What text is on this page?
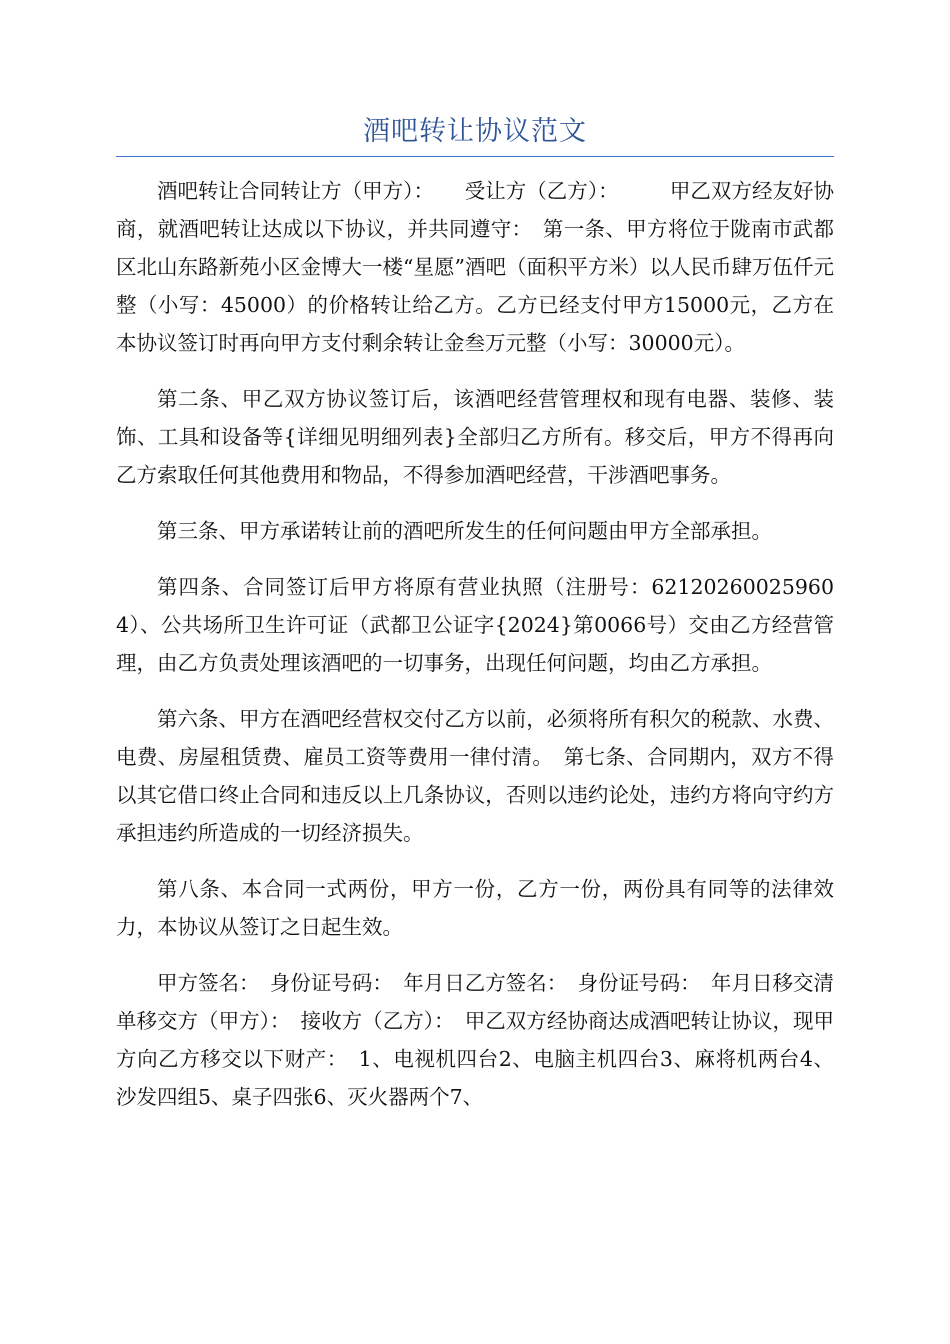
酒吧转让协议范文

酒吧转让合同转让方（甲方）：　　受让方（乙方）：　　　甲乙双方经友好协商，就酒吧转让达成以下协议，并共同遵守：　第一条、甲方将位于陇南市武都区北山东路新苑小区金博大一楼“星愿”酒吧（面积平方米）以人民币肆万伍仟元整（小写：45000）的价格转让给乙方。乙方已经支付甲方15000元，乙方在本协议签订时再向甲方支付剩余转让金叁万元整（小写：30000元）。

第二条、甲乙双方协议签订后，该酒吧经营管理权和现有电器、装修、装饰、工具和设备等{详细见明细列表}全部归乙方所有。移交后，甲方不得再向乙方索取任何其他费用和物品，不得参加酒吧经营，干涉酒吧事务。

第三条、甲方承诺转让前的酒吧所发生的任何问题由甲方全部承担。

第四条、合同签订后甲方将原有营业执照（注册号：621202600259604）、公共场所卫生许可证（武都卫公证字{2024}第0066号）交由乙方经营管理，由乙方负责处理该酒吧的一切事务，出现任何问题，均由乙方承担。

第六条、甲方在酒吧经营权交付乙方以前，必须将所有积欠的税款、水费、电费、房屋租赁费、雇员工资等费用一律付清。　第七条、合同期内，双方不得以其它借口终止合同和违反以上几条协议，否则以违约论处，违约方将向守约方承担违约所造成的一切经济损失。

第八条、本合同一式两份，甲方一份，乙方一份，两份具有同等的法律效力，本协议从签订之日起生效。

甲方签名：　身份证号码：　年月日乙方签名：　身份证号码：　年月日移交清单移交方（甲方）：　接收方（乙方）：　甲乙双方经协商达成酒吧转让协议，现甲方向乙方移交以下财产：　1、电视机四台2、电脑主机四台3、麻将机两台4、沙发四组5、桌子四张6、灭火器两个7、
